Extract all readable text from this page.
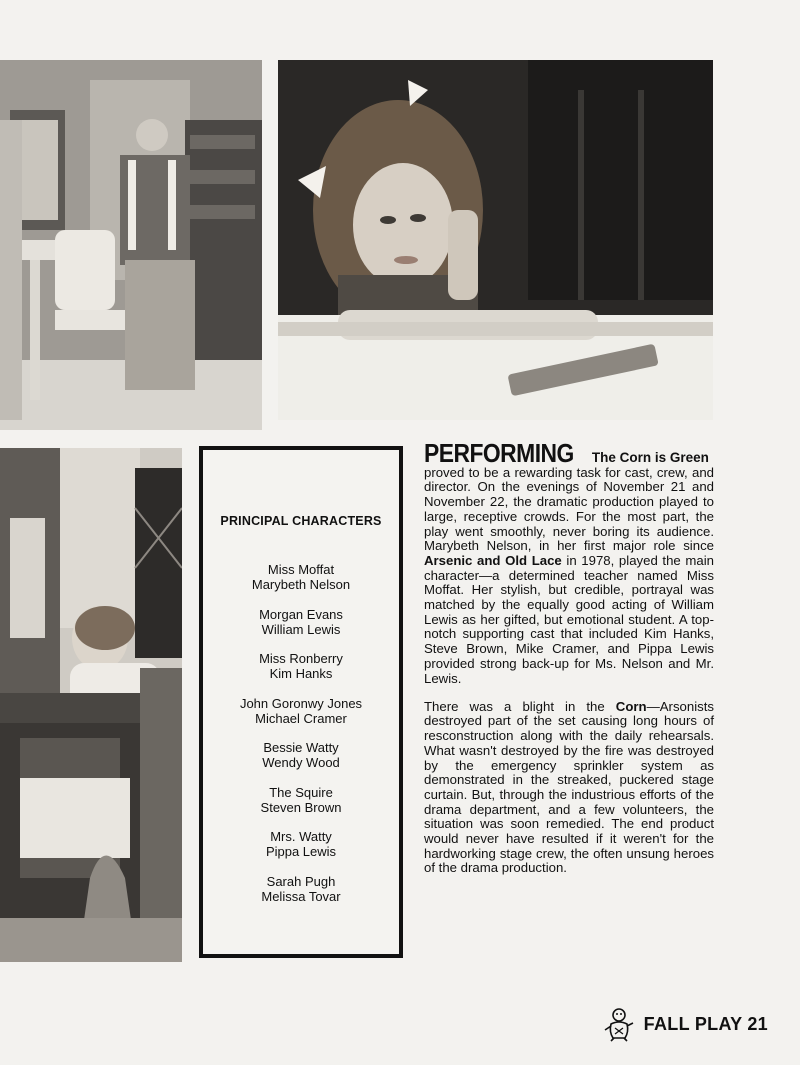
PRINCIPAL CHARACTERS
Miss Moffat
Marybeth Nelson
Morgan Evans
William Lewis
Miss Ronberry
Kim Hanks
John Goronwy Jones
Michael Cramer
Bessie Watty
Wendy Wood
The Squire
Steven Brown
Mrs. Watty
Pippa Lewis
Sarah Pugh
Melissa Tovar

PERFORMING The Corn is Green
proved to be a rewarding task for cast, crew, and director. On the evenings of November 21 and November 22, the dramatic production played to large, receptive crowds. For the most part, the play went smoothly, never boring its audience. Marybeth Nelson, in her first major role since Arsenic and Old Lace in 1978, played the main character—a determined teacher named Miss Moffat. Her stylish, but credible, portrayal was matched by the equally good acting of William Lewis as her gifted, but emotional student. A top-notch supporting cast that included Kim Hanks, Steve Brown, Mike Cramer, and Pippa Lewis provided strong back-up for Ms. Nelson and Mr. Lewis.

There was a blight in the Corn—Arsonists destroyed part of the set causing long hours of resconstruction along with the daily rehearsals. What wasn't destroyed by the fire was destroyed by the emergency sprinkler system as demonstrated in the streaked, puckered stage curtain. But, through the industrious efforts of the drama department, and a few volunteers, the situation was soon remedied. The end product would never have resulted if it weren't for the hardworking stage crew, the often unsung heroes of the drama production.

FALL PLAY 21
